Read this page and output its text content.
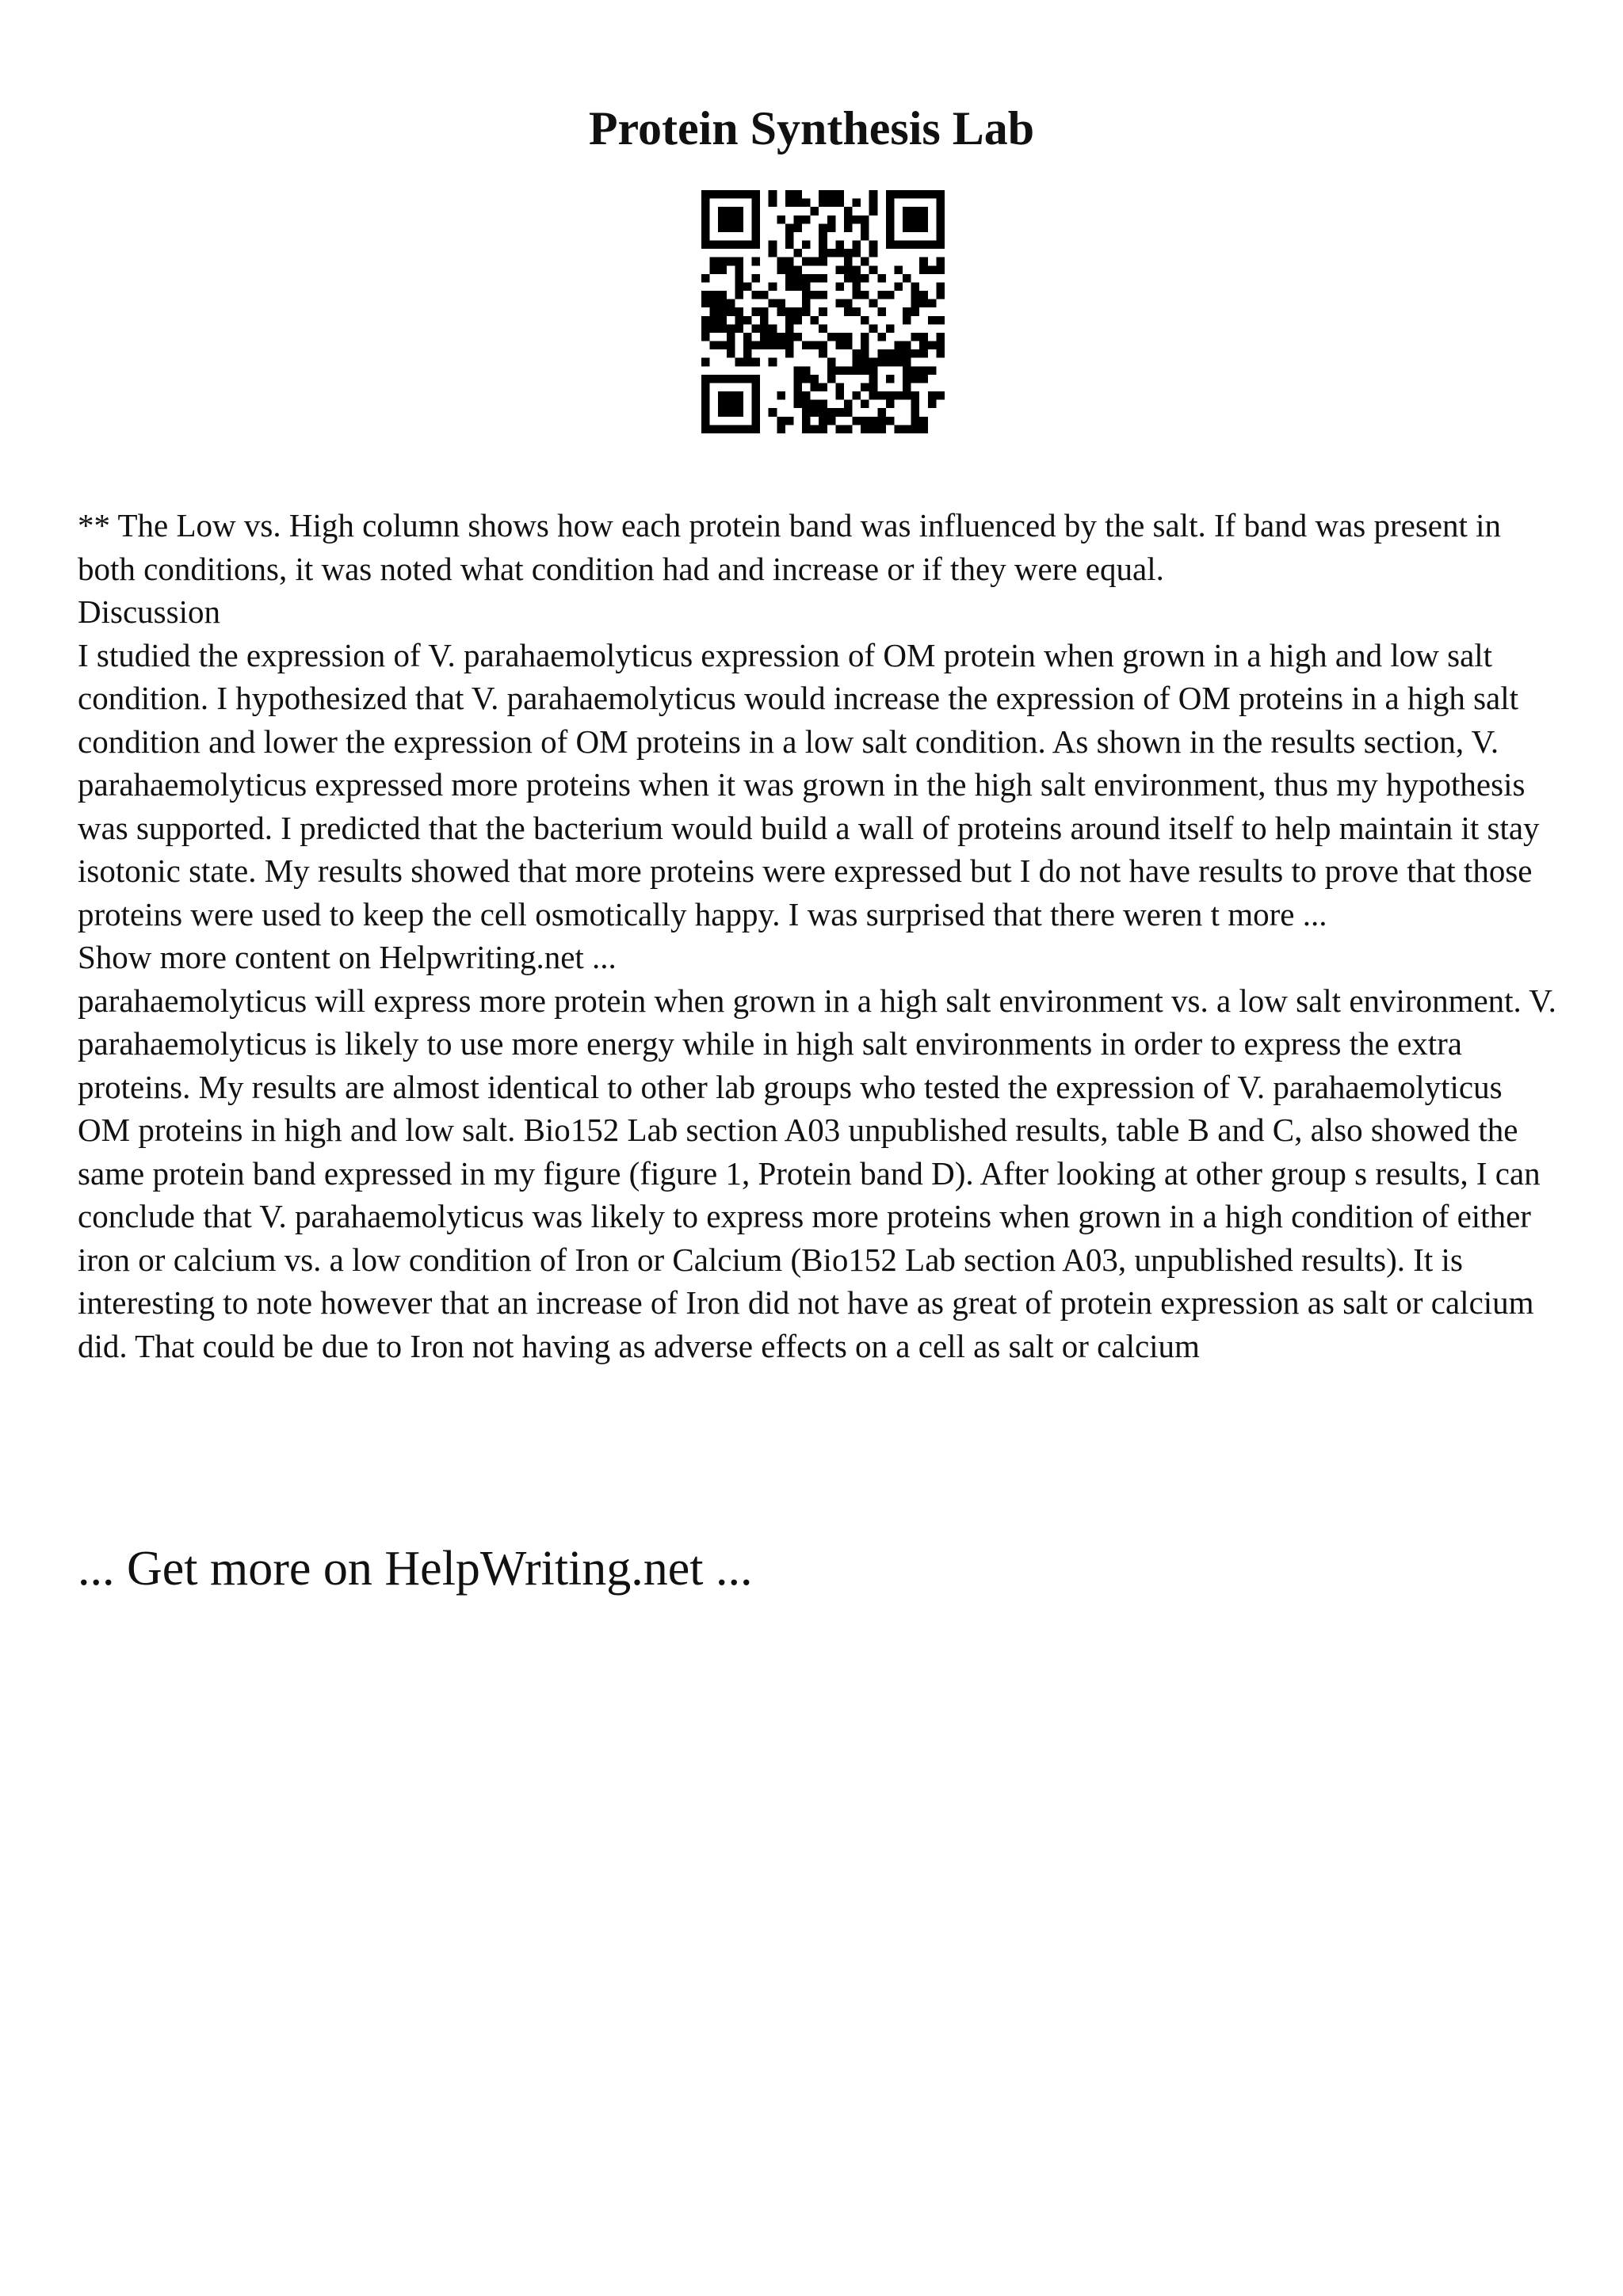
Protein Synthesis Lab

** The Low vs. High column shows how each protein band was influenced by the salt. If band was present in both conditions, it was noted what condition had and increase or if they were equal.

Discussion

I studied the expression of V. parahaemolyticus expression of OM protein when grown in a high and low salt condition. I hypothesized that V. parahaemolyticus would increase the expression of OM proteins in a high salt condition and lower the expression of OM proteins in a low salt condition. As shown in the results section, V. parahaemolyticus expressed more proteins when it was grown in the high salt environment, thus my hypothesis was supported. I predicted that the bacterium would build a wall of proteins around itself to help maintain it stay isotonic state. My results showed that more proteins were expressed but I do not have results to prove that those proteins were used to keep the cell osmotically happy. I was surprised that there weren t more ...

Show more content on Helpwriting.net ...

parahaemolyticus will express more protein when grown in a high salt environment vs. a low salt environment. V. parahaemolyticus is likely to use more energy while in high salt environments in order to express the extra proteins. My results are almost identical to other lab groups who tested the expression of V. parahaemolyticus OM proteins in high and low salt. Bio152 Lab section A03 unpublished results, table B and C, also showed the same protein band expressed in my figure (figure 1, Protein band D). After looking at other group s results, I can conclude that V. parahaemolyticus was likely to express more proteins when grown in a high condition of either iron or calcium vs. a low condition of Iron or Calcium (Bio152 Lab section A03, unpublished results). It is interesting to note however that an increase of Iron did not have as great of protein expression as salt or calcium did. That could be due to Iron not having as adverse effects on a cell as salt or calcium

... Get more on HelpWriting.net ...
